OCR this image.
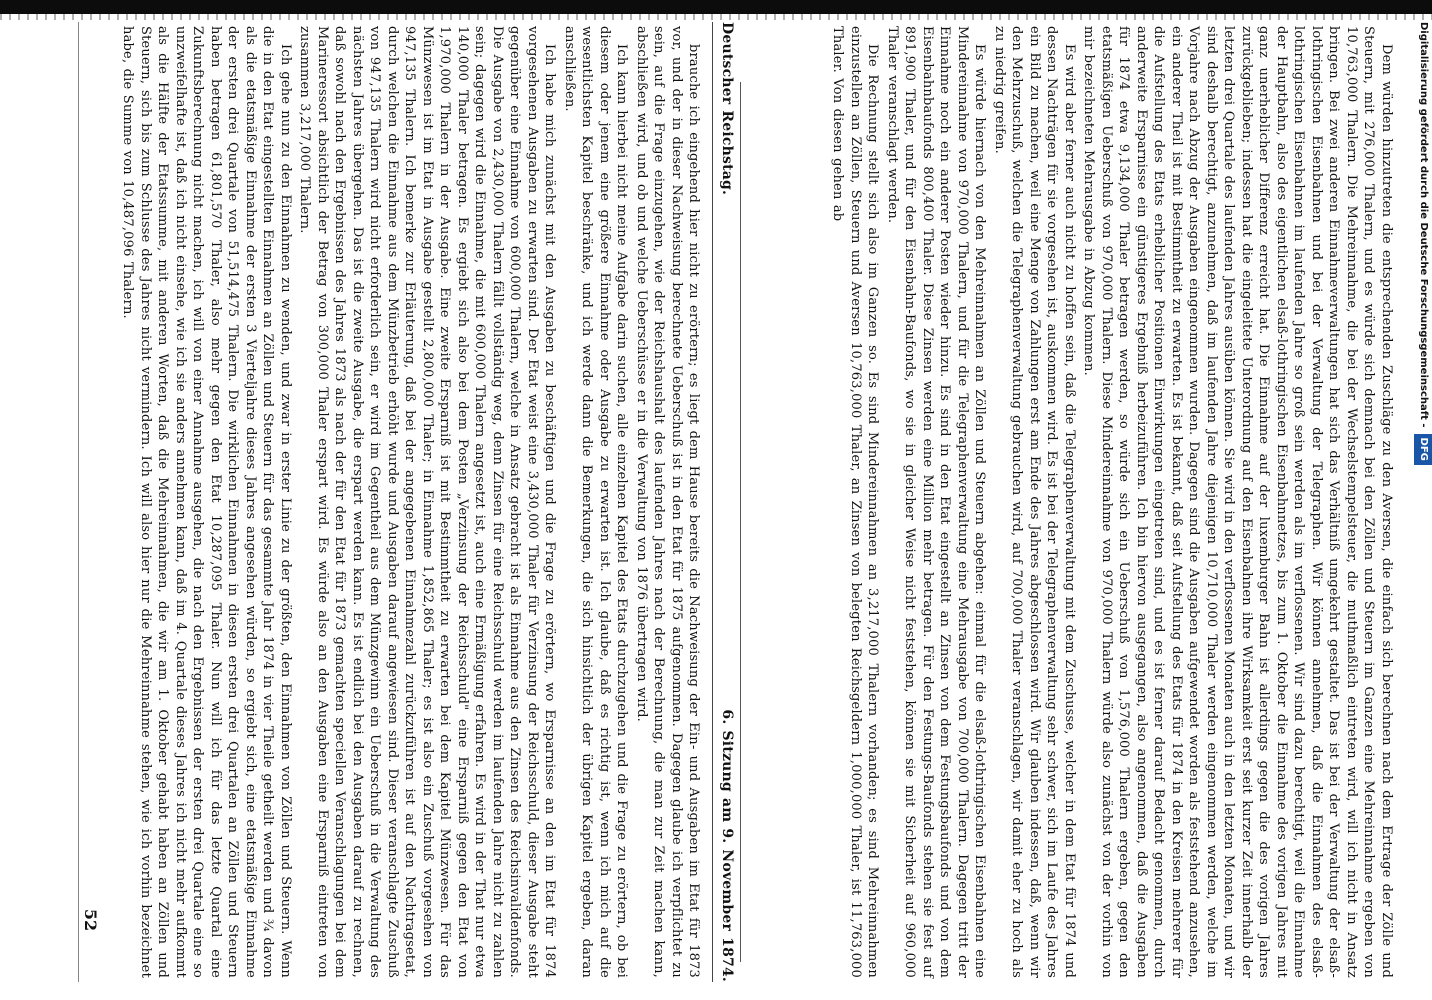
52
Deutscher Reichstag.
6. Sitzung am 9. November 1874.

brauche ich eingehend hier nicht zu erörtern; es liegt dem Hause bereits die Nachweisung der Ein- und Ausgaben im Etat für 1873 vor, und der in dieser Nachweisung berechnete Ueberschuß ist in den Etat für 1875 aufgenommen. Dagegen glaube ich verpflichtet zu sein, auf die Frage einzugehen, wie der Reichshaushalt des laufenden Jahres nach der Berechnung, die man zur Zeit machen kann, abschließen wird, und ob und welche Ueberschüsse er in die Verwaltung von 1876 übertragen wird.

Ich kann hierbei nicht meine Aufgabe darin suchen, alle einzelnen Kapitel des Etats durchzugehen und die Frage zu erörtern, ob bei diesem oder jenem eine größere Einnahme oder Ausgabe zu erwarten ist. Ich glaube, daß es richtig ist, wenn ich mich auf die wesentlichsten Kapitel beschränke, und ich werde dann die Bemerkungen, die sich hinsichtlich der übrigen Kapitel ergeben, daran anschließen.

Ich habe mich zunächst mit den Ausgaben zu beschäftigen und die Frage zu erörtern, wo Ersparnisse an den im Etat für 1874 vorgesehenen Ausgaben zu erwarten sind. Der Etat weist eine 3,430,000 Thaler für Verzinsung der Reichsschuld, dieser Ausgabe steht gegenüber eine Einnahme von 600,000 Thalern, welche in Ansatz gebracht ist als Einnahme aus den Zinsen des Reichsinvalidenfonds. Die Ausgabe von 2,430,000 Thalern fällt vollständig weg, denn Zinsen für eine Reichsschuld werden im laufenden Jahre nicht zu zahlen sein; dagegen wird die Einnahme, die mit 600,000 Thalern angesetzt ist, auch eine Ermäßigung erfahren. Es wird in der That nur etwa 140,000 Thaler betragen. Es ergiebt sich also bei dem Posten „Verzinsung der Reichsschuld" eine Ersparniß gegen den Etat von 1,970,000 Thalern in der Ausgabe. Eine zweite Ersparniß ist mit Bestimmtheit zu erwarten bei dem Kapitel Münzwesen. Für das Münzwesen ist im Etat in Ausgabe gestellt 2,800,000 Thaler; in Einnahme 1,852,865 Thaler; es ist also ein Zuschuß vorgesehen von 947,135 Thalern. Ich bemerke zur Erläuterung, daß bei der angegebenen Einnahmezahl zurückzuführen ist auf den Nachtragsetat, durch welchen die Einnahme aus dem Münzbetrieb erhöht wurde und Ausgaben darauf angewiesen sind. Dieser veranschlagte Zuschuß von 947,135 Thalern wird nicht erforderlich sein, er wird im Gegentheil aus dem Münzgewinn ein Ueberschuß in die Verwaltung des nächsten Jahres übergehen. Das ist die zweite Ausgabe, die erspart werden kann. Es ist endlich bei den Ausgaben darauf zu rechnen, daß sowohl nach den Ergebnissen des Jahres 1873 als nach der für den Etat für 1873 gemachten speciellen Veranschlagungen bei dem Marineressort absichtlich der Betrag von 300,000 Thaler erspart wird. Es würde also an den Ausgaben eine Ersparniß eintreten von zusammen 3,217,000 Thalern.

Ich gehe nun zu den Einnahmen zu wenden, und zwar in erster Linie zu der größten, den Einnahmen von Zöllen und Steuern. Wenn die in den Etat eingestellten Einnahmen an Zöllen und Steuern für das gesammte Jahr 1874 in vier Theile getheilt werden und ¾ davon als die etatsmäßige Einnahme der ersten 3 Vierteljahre dieses Jahres angesehen würden, so ergiebt sich, eine etatsmäßige Einnahme der ersten drei Quartale von 51,514,475 Thalern. Die wirklichen Einnahmen in diesen ersten drei Quartalen an Zöllen und Steuern haben betragen 61,801,570 Thaler, also mehr gegen den Etat 10,287,095 Thaler. Nun will ich für das letzte Quartal eine Zukunftsberechnung nicht machen, ich will von einer Annahme ausgehen, die nach den Ergebnissen der ersten drei Quartale eine so unzweifelhafte ist, daß ich nicht einsehe, wie ich sie anders annehmen kann, daß im 4. Quartale dieses Jahres ich nicht mehr aufkommt als die Hälfte der Etatssumme, mit anderen Worten, daß die Mehreinnahmen, die wir am 1. Oktober gehabt haben an Zöllen und Steuern, sich bis zum Schlusse des Jahres nicht vermindern. Ich will also hier nur die Mehreinnahme stehen, wie ich vorhin bezeichnet habe, die Summe von 10,487,096 Thalern.	Dem würden hinzutreten die entsprechenden Zuschläge zu den Aversen, die einfach sich berechnen nach dem Ertrage der Zölle und Steuern, mit 276,000 Thalern, und es würde sich demnach bei den Zöllen und Steuern im Ganzen eine Mehreinnahme ergeben von 10,763,000 Thalern. Die Mehreinnahme, die bei der Wechselstempelsteuer, die muthmaßlich eintreten wird, will ich nicht in Ansatz bringen. Bei zwei anderen Einnahmeverwaltungen hat sich das Verhältniß umgekehrt gestaltet. Das ist bei der Verwaltung der elsaß-lothringischen Eisenbahnen und bei der Verwaltung der Telegraphen. Wir können annehmen, daß die Einnahmen des elsaß-lothringischen Eisenbahnen im laufenden Jahre so groß sein werden als im verflossenen. Wir sind dazu berechtigt, weil die Einnahme der Hauptbahn, also des eigentlichen elsaß-lothringischen Eisenbahnnetzes, bis zum 1. Oktober die Einnahme des vorigen Jahres mit ganz unerheblicher Differenz erreicht hat. Die Einnahme auf der luxemburger Bahn ist allerdings gegen die des vorigen Jahres zurückgeblieben; indessen hat die eingeleitete Unterordnung auf den Eisenbahnen ihre Wirksamkeit erst seit kurzer Zeit innerhalb der letzten drei Quartale des laufenden Jahres ausüben können. Sie wird in den verflossenen Monaten auch in den letzten Monaten, und wir sind deshalb berechtigt, anzunehmen, daß im laufenden Jahre diejenigen 10,710,000 Thaler werden eingenommen werden, welche im Vorjahre nach Abzug der Ausgaben eingenommen wurden. Dagegen sind die Ausgaben aufgewendet worden als feststehend anzusehen, ein anderer Theil ist mit Bestimmtheit zu erwarten. Es ist bekannt, daß seit Aufstellung des Etats für 1874 in den Kreisen mehrerer für die Aufstellung des Etats erheblicher Positionen Einwirkungen eingetreten sind, und es ist ferner darauf Bedacht genommen, durch anderweite Ersparnisse ein günstigeres Ergebniß herbeizuführen. Ich bin hiervon ausgegangen, also angenommen, daß die Ausgaben für 1874 etwa 9,134,000 Thaler betragen werden, so würde sich ein Ueberschuß von 1,576,000 Thalern ergeben, gegen den etatsmäßigen Ueberschuß von 970,000 Thalern. Diese Mindereinnahme von 970,000 Thalern würde also zunächst von der vorhin von mir bezeichneten Mehrausgabe in Abzug kommen.

Es wird aber ferner auch nicht zu hoffen sein, daß die Telegraphenverwaltung mit dem Zuschusse, welcher in dem Etat für 1874 und dessen Nachträgen für sie vorgesehen ist, auskommen wird. Es ist bei der Telegraphenverwaltung sehr schwer, sich im Laufe des Jahres ein Bild zu machen, weil eine Menge von Zahlungen erst am Ende des Jahres abgeschlossen wird. Wir glauben indessen, daß, wenn wir den Mehrzuschuß, welchen die Telegraphenverwaltung gebrauchen wird, auf 700,000 Thaler veranschlagen, wir damit eher zu hoch als zu niedrig greifen.

Es würde hiernach von den Mehreinnahmen an Zöllen und Steuern abgehen: einmal für die elsaß-lothringischen Eisenbahnen eine Mindereinnahme von 970,000 Thalern, und für die Telegraphenverwaltung eine Mehrausgabe von 700,000 Thalern. Dagegen tritt der Einnahme noch ein anderer Posten wieder hinzu. Es sind in den Etat eingestellt an Zinsen von dem Festungsbaufonds und von dem Eisenbahnbaufonds 800,400 Thaler. Diese Zinsen werden eine Million mehr betragen. Für den Festungs-Baufonds stehen sie fest auf 891,900 Thaler, und für den Eisenbahn-Baufonds, wo sie in gleicher Weise nicht feststehen, können sie mit Sicherheit auf 960,000 Thaler veranschlagt werden.

Die Rechnung stellt sich also im Ganzen so. Es sind Mindereinnahmen an 3,217,000 Thalern vorhanden; es sind Mehreinnahmen einzustellen an Zöllen, Steuern und Aversen 10,763,000 Thaler, an Zinsen von belegten Reichsgeldern 1,000,000 Thaler, ist 11,763,000 Thaler. Von diesen gehen ab	Digitalisierung gefördert durch die Deutsche Forschungsgemeinschaft -DFG
